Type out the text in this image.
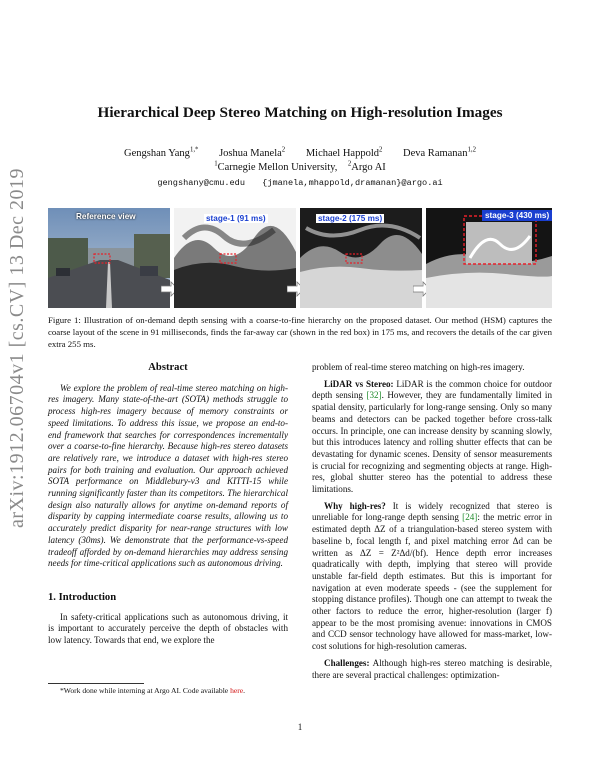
arXiv:1912.06704v1 [cs.CV] 13 Dec 2019
Hierarchical Deep Stereo Matching on High-resolution Images
Gengshan Yang$^{1,*}$ Joshua Manela$^2$ Michael Happold$^2$ Deva Ramanan$^{1,2}$
$^1$Carnegie Mellon University, $^2$Argo AI
gengshany@cmu.edu {jmanela,mhappold,dramanan}@argo.ai
Reference view	stage-1 (91 ms)	stage-2 (175 ms)	stage-3 (430 ms)
Figure 1: Illustration of on-demand depth sensing with a coarse-to-fine hierarchy on the proposed dataset. Our method (HSM) captures the coarse layout of the scene in 91 milliseconds, finds the far-away car (shown in the red box) in 175 ms, and recovers the details of the car given extra 255 ms.
Abstract

We explore the problem of real-time stereo matching on high-res imagery. Many state-of-the-art (SOTA) methods struggle to process high-res imagery because of memory constraints or speed limitations. To address this issue, we propose an end-to-end framework that searches for correspondences incrementally over a coarse-to-fine hierarchy. Because high-res stereo datasets are relatively rare, we introduce a dataset with high-res stereo pairs for both training and evaluation. Our approach achieved SOTA performance on Middlebury-v3 and KITTI-15 while running significantly faster than its competitors. The hierarchical design also naturally allows for anytime on-demand reports of disparity by capping intermediate coarse results, allowing us to accurately predict disparity for near-range structures with low latency (30ms). We demonstrate that the performance-vs-speed tradeoff afforded by on-demand hierarchies may address sensing needs for time-critical applications such as autonomous driving.

1. Introduction

In safety-critical applications such as autonomous driving, it is important to accurately perceive the depth of obstacles with low latency. Towards that end, we explore the

*Work done while interning at Argo AI. Code available here.

problem of real-time stereo matching on high-res imagery.

LiDAR vs Stereo: LiDAR is the common choice for outdoor depth sensing [32]. However, they are fundamentally limited in spatial density, particularly for long-range sensing. Only so many beams and detectors can be packed together before cross-talk occurs. In principle, one can increase density by scanning slowly, but this introduces latency and rolling shutter effects that can be devastating for dynamic scenes. Density of sensor measurements is crucial for recognizing and segmenting objects at range. High-res, global shutter stereo has the potential to address these limitations.

Why high-res? It is widely recognized that stereo is unreliable for long-range depth sensing [24]: the metric error in estimated depth ΔZ of a triangulation-based stereo system with baseline b, focal length f, and pixel matching error Δd can be written as ΔZ = Z²Δd/(bf). Hence depth error increases quadratically with depth, implying that stereo will provide unstable far-field depth estimates. But this is important for navigation at even moderate speeds - (see the supplement for stopping distance profiles). Though one can attempt to tweak the other factors to reduce the error, higher-resolution (larger f) appear to be the most promising avenue: innovations in CMOS and CCD sensor technology have allowed for mass-market, low-cost solutions for high-resolution cameras.

Challenges: Although high-res stereo matching is desirable, there are several practical challenges: optimization-

1
